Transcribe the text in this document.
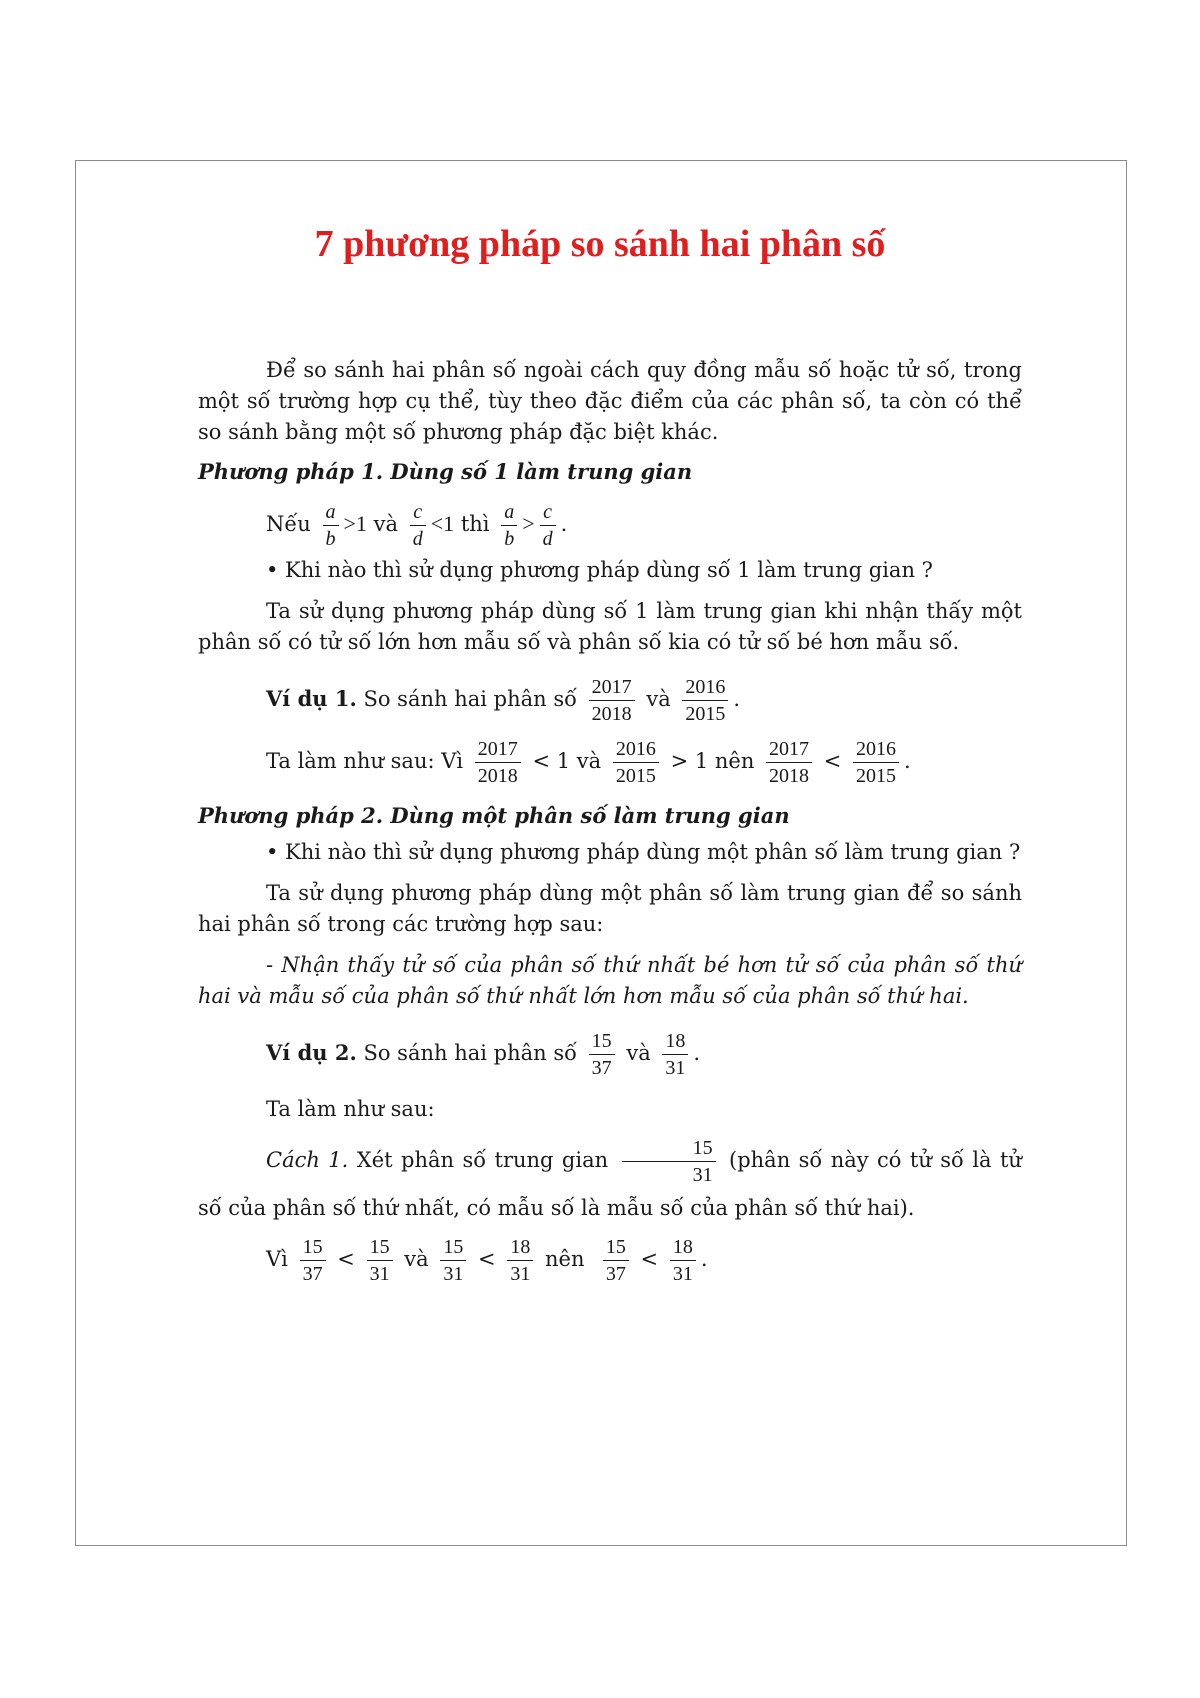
7 phương pháp so sánh hai phân số

Để so sánh hai phân số ngoài cách quy đồng mẫu số hoặc tử số, trong một số trường hợp cụ thể, tùy theo đặc điểm của các phân số, ta còn có thể so sánh bằng một số phương pháp đặc biệt khác.

Phương pháp 1. Dùng số 1 làm trung gian

Nếu $\frac{a}{b} >1$ và $\frac{c}{d} <1$ thì $\frac{a}{b} > \frac{c}{d}$ .

• Khi nào thì sử dụng phương pháp dùng số 1 làm trung gian ?

Ta sử dụng phương pháp dùng số 1 làm trung gian khi nhận thấy một phân số có tử số lớn hơn mẫu số và phân số kia có tử số bé hơn mẫu số.

Ví dụ 1. So sánh hai phân số $\frac{2017}{2018}$ và $\frac{2016}{2015}$ .

Ta làm như sau: Vì $\frac{2017}{2018} < 1$ và $\frac{2016}{2015} > 1$ nên $\frac{2017}{2018} < \frac{2016}{2015}$ .

Phương pháp 2. Dùng một phân số làm trung gian

• Khi nào thì sử dụng phương pháp dùng một phân số làm trung gian ?

Ta sử dụng phương pháp dùng một phân số làm trung gian để so sánh hai phân số trong các trường hợp sau:

- Nhận thấy tử số của phân số thứ nhất bé hơn tử số của phân số thứ hai và mẫu số của phân số thứ nhất lớn hơn mẫu số của phân số thứ hai.

Ví dụ 2. So sánh hai phân số $\frac{15}{37}$ và $\frac{18}{31}$ .

Ta làm như sau:

Cách 1. Xét phân số trung gian $\frac{15}{31}$ (phân số này có tử số là tử số của phân số thứ nhất, có mẫu số là mẫu số của phân số thứ hai).

Vì $\frac{15}{37} < \frac{15}{31}$ và $\frac{15}{31} < \frac{18}{31}$ nên $\frac{15}{37} < \frac{18}{31}$ .
